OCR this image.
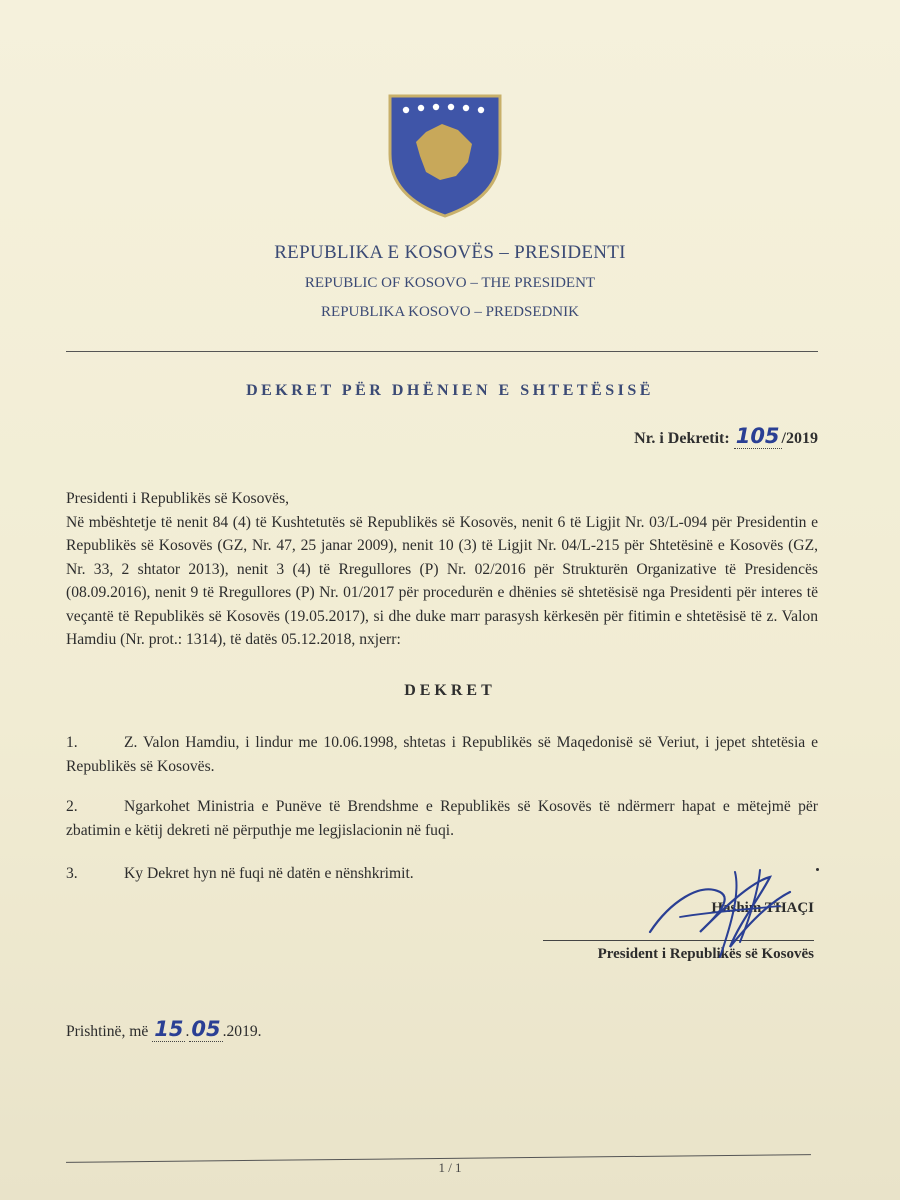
REPUBLIKA E KOSOVËS – PRESIDENTI
REPUBLIC OF KOSOVO – THE PRESIDENT
REPUBLIKA KOSOVO – PREDSEDNIK
DEKRET PËR DHËNIEN E SHTETËSISË
Nr. i Dekretit: 105 /2019
Presidenti i Republikës së Kosovës,
Në mbështetje të nenit 84 (4) të Kushtetutës së Republikës së Kosovës, nenit 6 të Ligjit Nr. 03/L-094 për Presidentin e Republikës së Kosovës (GZ, Nr. 47, 25 janar 2009), nenit 10 (3) të Ligjit Nr. 04/L-215 për Shtetësinë e Kosovës (GZ, Nr. 33, 2 shtator 2013), nenit 3 (4) të Rregullores (P) Nr. 02/2016 për Strukturën Organizative të Presidencës (08.09.2016), nenit 9 të Rregullores (P) Nr. 01/2017 për procedurën e dhënies së shtetësisë nga Presidenti për interes të veçantë të Republikës së Kosovës (19.05.2017), si dhe duke marr parasysh kërkesën për fitimin e shtetësisë të z. Valon Hamdiu (Nr. prot.: 1314), të datës 05.12.2018, nxjerr:
DEKRET
1.	Z. Valon Hamdiu, i lindur me 10.06.1998, shtetas i Republikës së Maqedonisë së Veriut, i jepet shtetësia e Republikës së Kosovës.
2.	Ngarkohet Ministria e Punëve të Brendshme e Republikës së Kosovës të ndërmerr hapat e mëtejmë për zbatimin e këtij dekreti në përputhje me legjislacionin në fuqi.
3.	Ky Dekret hyn në fuqi në datën e nënshkrimit.
Hashim THAÇI
President i Republikës së Kosovës
Prishtinë, më 15 .05 .2019.
1 / 1
